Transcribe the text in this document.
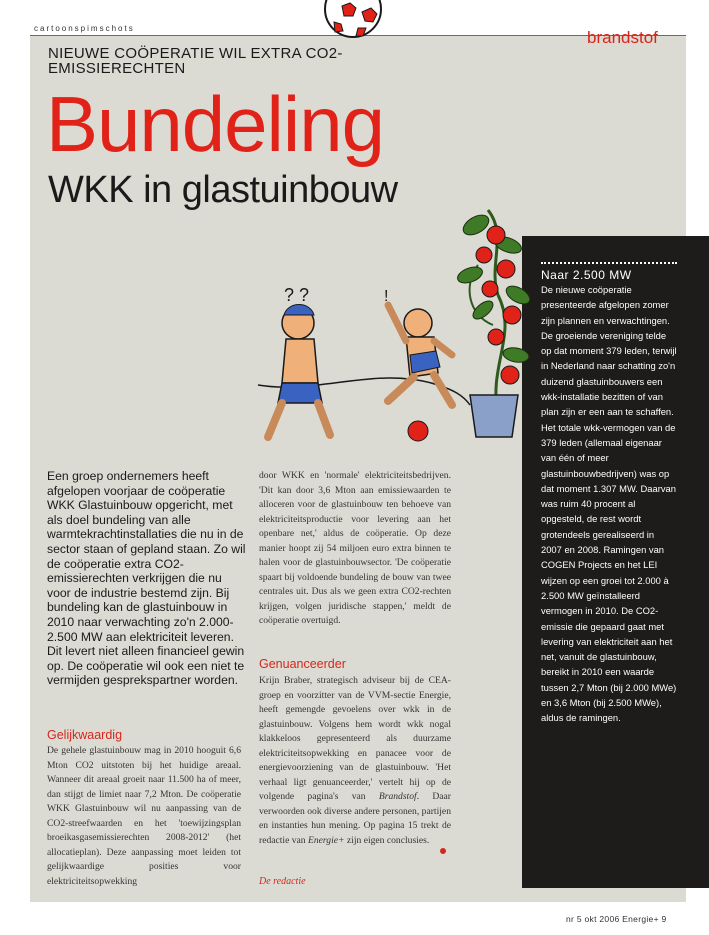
cartoonspimschots	brandstof
NIEUWE COÖPERATIE WIL EXTRA CO2-EMISSIERECHTEN
Bundeling
WKK in glastuinbouw
? ?	!
Een groep ondernemers heeft afgelopen voorjaar de coöperatie WKK Glastuinbouw opgericht, met als doel bundeling van alle warmtekrachtinstallaties die nu in de sector staan of gepland staan. Zo wil de coöperatie extra CO2-emissierechten verkrijgen die nu voor de industrie bestemd zijn. Bij bundeling kan de glastuinbouw in 2010 naar verwachting zo'n 2.000-2.500 MW aan elektriciteit leveren. Dit levert niet alleen financieel gewin op. De coöperatie wil ook een niet te vermijden gesprekspartner worden.
Gelijkwaardig
De gehele glastuinbouw mag in 2010 hooguit 6,6 Mton CO2 uitstoten bij het huidige areaal. Wanneer dit areaal groeit naar 11.500 ha of meer, dan stijgt de limiet naar 7,2 Mton. De coöperatie WKK Glastuinbouw wil nu aanpassing van de CO2-streefwaarden en het 'toewijzingsplan broeikasgasemissierechten 2008-2012' (het allocatieplan). Deze aanpassing moet leiden tot gelijkwaardige posities voor elektriciteitsopwekking
door WKK en 'normale' elektriciteitsbedrijven. 'Dit kan door 3,6 Mton aan emissiewaarden te alloceren voor de glastuinbouw ten behoeve van elektriciteitsproductie voor levering aan het openbare net,' aldus de coöperatie. Op deze manier hoopt zij 54 miljoen euro extra binnen te halen voor de glastuinbouwsector. 'De coöperatie spaart bij voldoende bundeling de bouw van twee centrales uit. Dus als we geen extra CO2-rechten krijgen, volgen juridische stappen,' meldt de coöperatie overtuigd.
Genuanceerder
Krijn Braber, strategisch adviseur bij de CEA-groep en voorzitter van de VVM-sectie Energie, heeft gemengde gevoelens over wkk in de glastuinbouw. Volgens hem wordt wkk nogal klakkeloos gepresenteerd als duurzame elektriciteitsopwekking en panacee voor de energievoorziening van de glastuinbouw. 'Het verhaal ligt genuanceerder,' vertelt hij op de volgende pagina's van Brandstof. Daar verwoorden ook diverse andere personen, partijen en instanties hun mening. Op pagina 15 trekt de redactie van Energie+ zijn eigen conclusies.
De redactie
Naar 2.500 MW
De nieuwe coöperatie presenteerde afgelopen zomer zijn plannen en verwachtingen. De groeiende vereniging telde op dat moment 379 leden, terwijl in Nederland naar schatting zo'n duizend glastuinbouwers een wkk-installatie bezitten of van plan zijn er een aan te schaffen. Het totale wkk-vermogen van de 379 leden (allemaal eigenaar van één of meer glastuinbouwbedrijven) was op dat moment 1.307 MW. Daarvan was ruim 40 procent al opgesteld, de rest wordt grotendeels gerealiseerd in 2007 en 2008. Ramingen van COGEN Projects en het LEI wijzen op een groei tot 2.000 à 2.500 MW geïnstalleerd vermogen in 2010. De CO2-emissie die gepaard gaat met levering van elektriciteit aan het net, vanuit de glastuinbouw, bereikt in 2010 een waarde tussen 2,7 Mton (bij 2.000 MWe) en 3,6 Mton (bij 2.500 MWe), aldus de ramingen.
nr 5 okt 2006 Energie+ 9
